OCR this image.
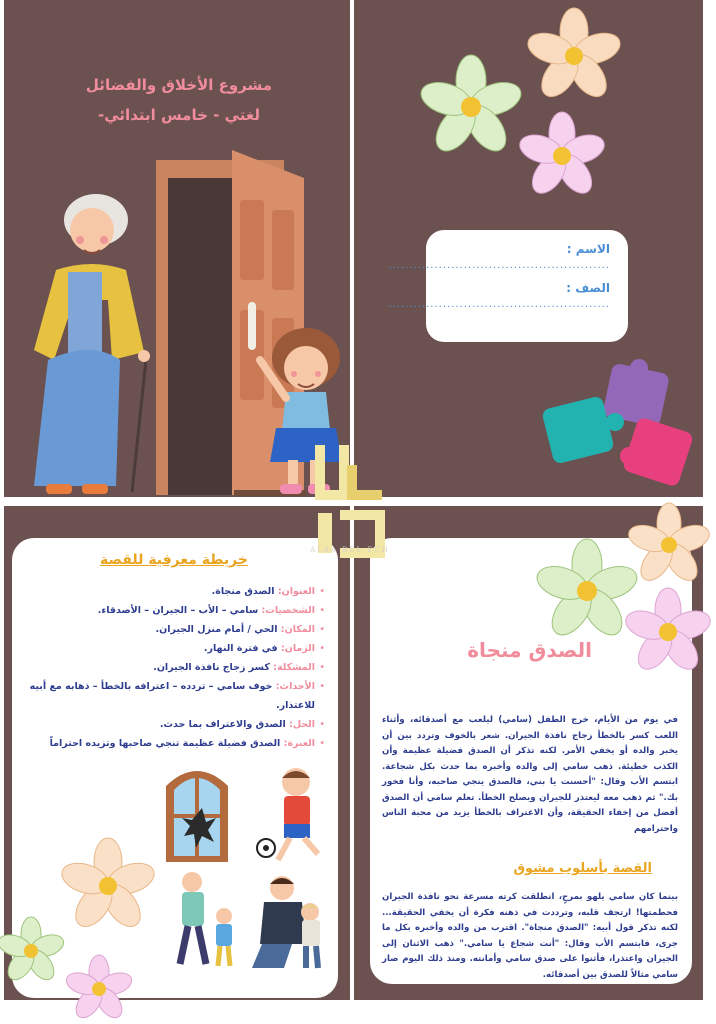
مشروع الأخلاق والفضائل
لغتي - خامس ابتدائي-
الاسم :
.....................................................
الصف :
.....................................................
خريطة معرفية للقصة
• العنوان: الصدق منجاة.
• الشخصيات: سامي – الأب – الجيران – الأصدقاء.
• المكان: الحي / أمام منزل الجيران.
• الزمان: في فترة النهار.
• المشكلة: كسر زجاج نافذة الجيران.
• الأحداث: خوف سامي – تردده – اعترافه بالخطأ – ذهابه مع أبيه للاعتذار.
• الحل: الصدق والاعتراف بما حدث.
• العبرة: الصدق فضيلة عظيمة تنجي صاحبها وتزيده احتراماً
الصدق منجاة
في يوم من الأيام، خرج الطفل (سامي) ليلعب مع أصدقائه، وأثناء اللعب كسر بالخطأ زجاج نافذة الجيران. شعر بالخوف وتردد بين أن يخبر والده أو يخفي الأمر. لكنه تذكر أن الصدق فضيلة عظيمة وأن الكذب خطيئة. ذهب سامي إلى والده وأخبره بما حدث بكل شجاعة. ابتسم الأب وقال: "أحسنت يا بني، فالصدق ينجي صاحبه، وأنا فخور بك." ثم ذهب معه ليعتذر للجيران ويصلح الخطأ. تعلم سامي أن الصدق أفضل من إخفاء الحقيقة، وأن الاعتراف بالخطأ يزيد من محبة الناس واحترامهم
القصة بأسلوب مشوق
بينما كان سامي يلهو بمرحٍ، انطلقت كرته مسرعة نحو نافذة الجيران فحطمتها! ارتجف قلبه، وترددت في ذهنه فكرة أن يخفي الحقيقة... لكنه تذكر قول أبيه: "الصدق منجاة". اقترب من والده وأخبره بكل ما جرى، فابتسم الأب وقال: "أنت شجاع يا سامي." ذهب الاثنان إلى الجيران واعتذرا، فأثنوا على صدق سامي وأمانته. ومنذ ذلك اليوم صار سامي مثالاً للصدق بين أصدقائه.
ALBA BEL ECH
